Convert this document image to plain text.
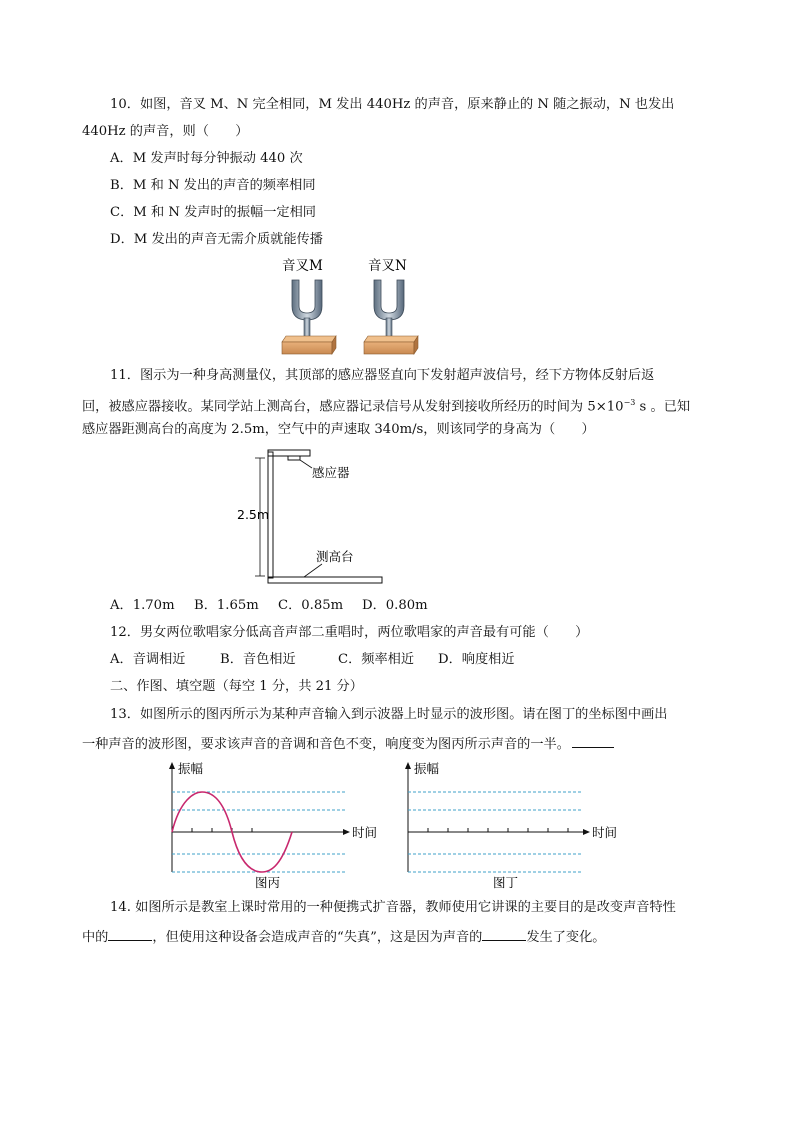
10．如图，音叉 M、N 完全相同，M 发出 440Hz 的声音，原来静止的 N 随之振动，N 也发出
440Hz 的声音，则（　　）
A．M 发声时每分钟振动 440 次
B．M 和 N 发出的声音的频率相同
C．M 和 N 发声时的振幅一定相同
D．M 发出的声音无需介质就能传播
音叉M	音叉N
11．图示为一种身高测量仪，其顶部的感应器竖直向下发射超声波信号，经下方物体反射后返
回，被感应器接收。某同学站上测高台，感应器记录信号从发射到接收所经历的时间为 $5\times 10^{-3}$ s 。已知
感应器距测高台的高度为 2.5m，空气中的声速取 340m/s，则该同学的身高为（　　）
感应器
2.5m
测高台
A．1.70m B．1.65m C．0.85m D．0.80m
12．男女两位歌唱家分低高音声部二重唱时，两位歌唱家的声音最有可能（　　）
A．音调相近	B．音色相近	C．频率相近 D．响度相近
二、作图、填空题（每空 1 分，共 21 分）
13．如图所示的图丙所示为某种声音输入到示波器上时显示的波形图。请在图丁的坐标图中画出
一种声音的波形图，要求该声音的音调和音色不变，响度变为图丙所示声音的一半。
振幅
时间
图丙
振幅
时间
图丁
14. 如图所示是教室上课时常用的一种便携式扩音器，教师使用它讲课的主要目的是改变声音特性
中的	，但使用这种设备会造成声音的“失真”，这是因为声音的	发生了变化。
